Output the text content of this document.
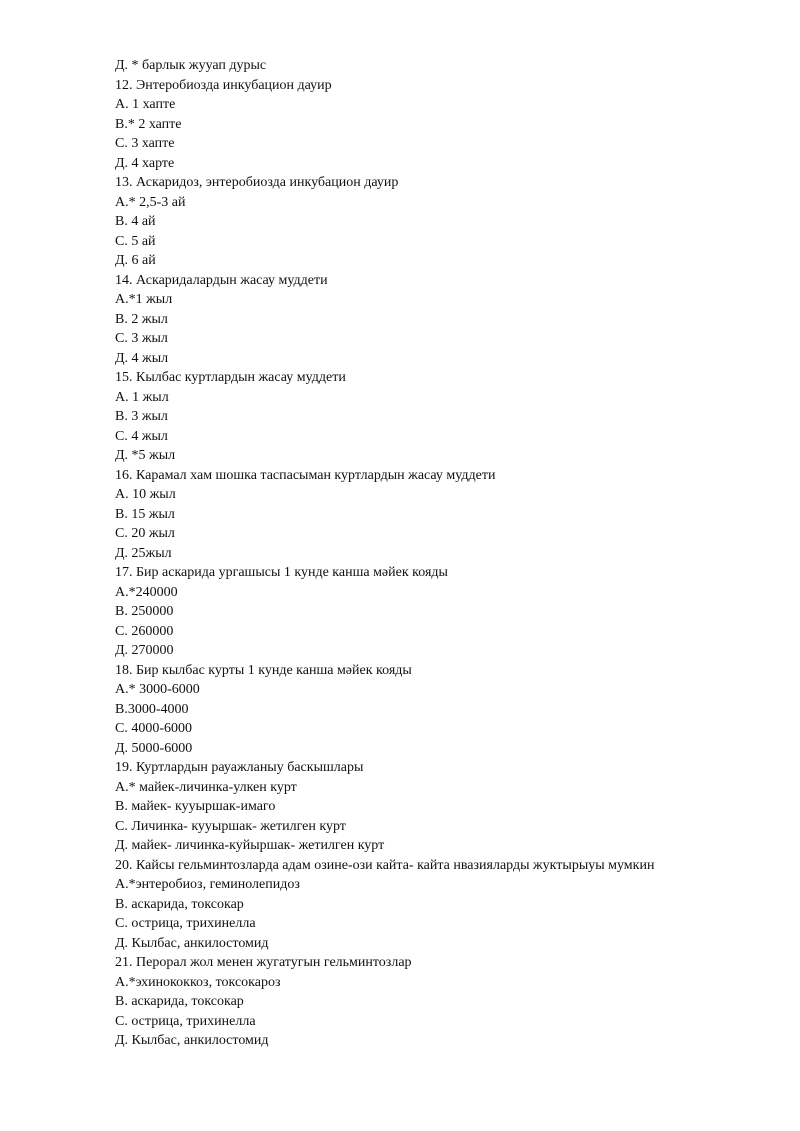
Д. * барлык жууап дурыс
12. Энтеробиозда инкубацион дауир
А. 1 хапте
В.* 2 хапте
С. 3 хапте
Д. 4 харте
13. Аскаридоз, энтеробиозда инкубацион дауир
А.* 2,5-3 ай
В. 4 ай
С. 5 ай
Д. 6 ай
14. Аскаридалардын жасау муддети
А.*1 жыл
В. 2 жыл
С. 3 жыл
Д. 4 жыл
15. Кылбас куртлардын жасау муддети
А. 1 жыл
В. 3 жыл
С. 4 жыл
Д. *5 жыл
16. Карамал хам шошка таспасыман куртлардын жасау муддети
А. 10 жыл
В. 15 жыл
С. 20 жыл
Д. 25жыл
17. Бир аскарида ургашысы 1 кунде канша мәйек кояды
А.*240000
В. 250000
С. 260000
Д. 270000
18. Бир кылбас курты 1 кунде канша мәйек кояды
А.* 3000-6000
В.3000-4000
С. 4000-6000
Д. 5000-6000
19. Куртлардын рауажланыу баскышлары
А.* майек-личинка-улкен курт
В. майек- кууыршак-имаго
С. Личинка- кууыршак- жетилген курт
Д. майек- личинка-куйыршак- жетилген курт
20. Кайсы гельминтозларда адам озине-ози кайта- кайта нвазияларды жуктырыуы мумкин
А.*энтеробиоз, геминолепидоз
В. аскарида, токсокар
С. острица, трихинелла
Д. Кылбас, анкилостомид
21. Перорал жол менен жугатугын гельминтозлар
А.*эхинококкоз, токсокароз
В. аскарида, токсокар
С. острица, трихинелла
Д. Кылбас, анкилостомид
